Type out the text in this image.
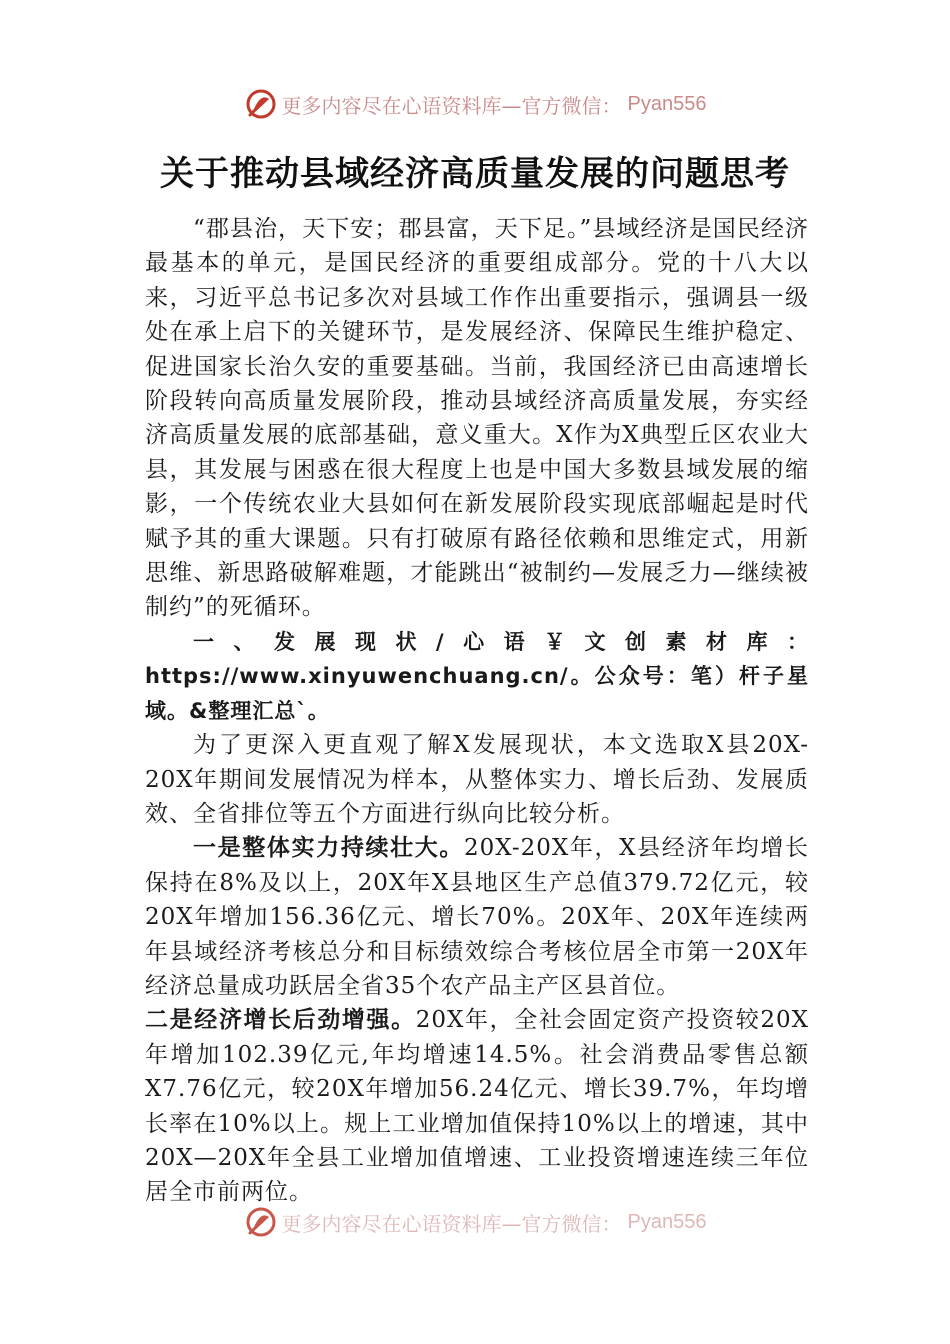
更多内容尽在心语资料库—官方微信： Pyan556
关于推动县域经济高质量发展的问题思考

“郡县治，天下安；郡县富，天下足。”县域经济是国民经济最基本的单元，是国民经济的重要组成部分。党的十八大以来，习近平总书记多次对县域工作作出重要指示，强调县一级处在承上启下的关键环节，是发展经济、保障民生维护稳定、促进国家长治久安的重要基础。当前，我国经济已由高速增长阶段转向高质量发展阶段，推动县域经济高质量发展，夯实经济高质量发展的底部基础，意义重大。X作为X典型丘区农业大县，其发展与困惑在很大程度上也是中国大多数县域发展的缩影，一个传统农业大县如何在新发展阶段实现底部崛起是时代赋予其的重大课题。只有打破原有路径依赖和思维定式，用新思维、新思路破解难题，才能跳出“被制约—发展乏力—继续被制约”的死循环。

一、发展现状/心语￥文创素材库：https://www.xinyuwenchuang.cn/。公众号：笔）杆子星域。&整理汇总`。

为了更深入更直观了解X发展现状，本文选取X县20X-20X年期间发展情况为样本，从整体实力、增长后劲、发展质效、全省排位等五个方面进行纵向比较分析。

一是整体实力持续壮大。20X-20X年，X县经济年均增长保持在8%及以上，20X年X县地区生产总值379.72亿元，较20X年增加156.36亿元、增长70%。20X年、20X年连续两年县域经济考核总分和目标绩效综合考核位居全市第一20X年经济总量成功跃居全省35个农产品主产区县首位。

二是经济增长后劲增强。20X年，全社会固定资产投资较20X年增加102.39亿元,年均增速14.5%。社会消费品零售总额X7.76亿元，较20X年增加56.24亿元、增长39.7%，年均增长率在10%以上。规上工业增加值保持10%以上的增速，其中20X—20X年全县工业增加值增速、工业投资增速连续三年位居全市前两位。

更多内容尽在心语资料库—官方微信： Pyan556
